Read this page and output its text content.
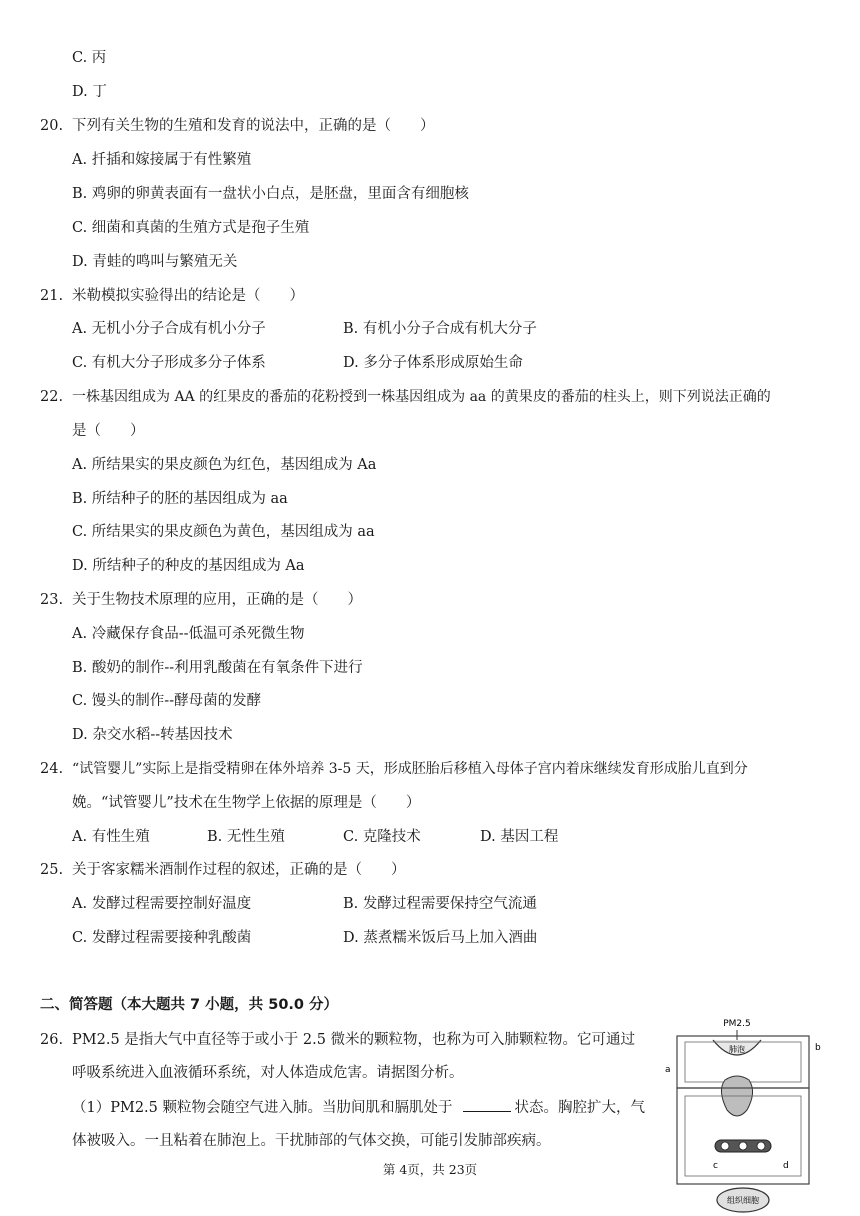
C. 丙
D. 丁
20. 下列有关生物的生殖和发育的说法中，正确的是（　　）
A. 扦插和嫁接属于有性繁殖
B. 鸡卵的卵黄表面有一盘状小白点，是胚盘，里面含有细胞核
C. 细菌和真菌的生殖方式是孢子生殖
D. 青蛙的鸣叫与繁殖无关
21. 米勒模拟实验得出的结论是（　　）
A. 无机小分子合成有机小分子	B. 有机小分子合成有机大分子
C. 有机大分子形成多分子体系	D. 多分子体系形成原始生命
22. 一株基因组成为 AA 的红果皮的番茄的花粉授到一株基因组成为 aa 的黄果皮的番茄的柱头上，则下列说法正确的
是（　　）
A. 所结果实的果皮颜色为红色，基因组成为 Aa
B. 所结种子的胚的基因组成为 aa
C. 所结果实的果皮颜色为黄色，基因组成为 aa
D. 所结种子的种皮的基因组成为 Aa
23. 关于生物技术原理的应用，正确的是（　　）
A. 冷藏保存食品--低温可杀死微生物
B. 酸奶的制作--利用乳酸菌在有氧条件下进行
C. 馒头的制作--酵母菌的发酵
D. 杂交水稻--转基因技术
24. “试管婴儿”实际上是指受精卵在体外培养 3-5 天，形成胚胎后移植入母体子宫内着床继续发育形成胎儿直到分
娩。“试管婴儿”技术在生物学上依据的原理是（　　）
A. 有性生殖	B. 无性生殖	C. 克隆技术	D. 基因工程
25. 关于客家糯米酒制作过程的叙述，正确的是（　　）
A. 发酵过程需要控制好温度	B. 发酵过程需要保持空气流通
C. 发酵过程需要接种乳酸菌	D. 蒸煮糯米饭后马上加入酒曲
二、简答题（本大题共 7 小题，共 50.0 分）
26. PM2.5 是指大气中直径等于或小于 2.5 微米的颗粒物，也称为可入肺颗粒物。它可通过
呼吸系统进入血液循环系统，对人体造成危害。请据图分析。
（1）PM2.5 颗粒物会随空气进入肺。当肋间肌和膈肌处于	状态。胸腔扩大，气
体被吸入。一且粘着在肺泡上。干扰肺部的气体交换，可能引发肺部疾病。
PM2.5
肺泡
a
b
c	d
组织细胞
第 4页，共 23页
